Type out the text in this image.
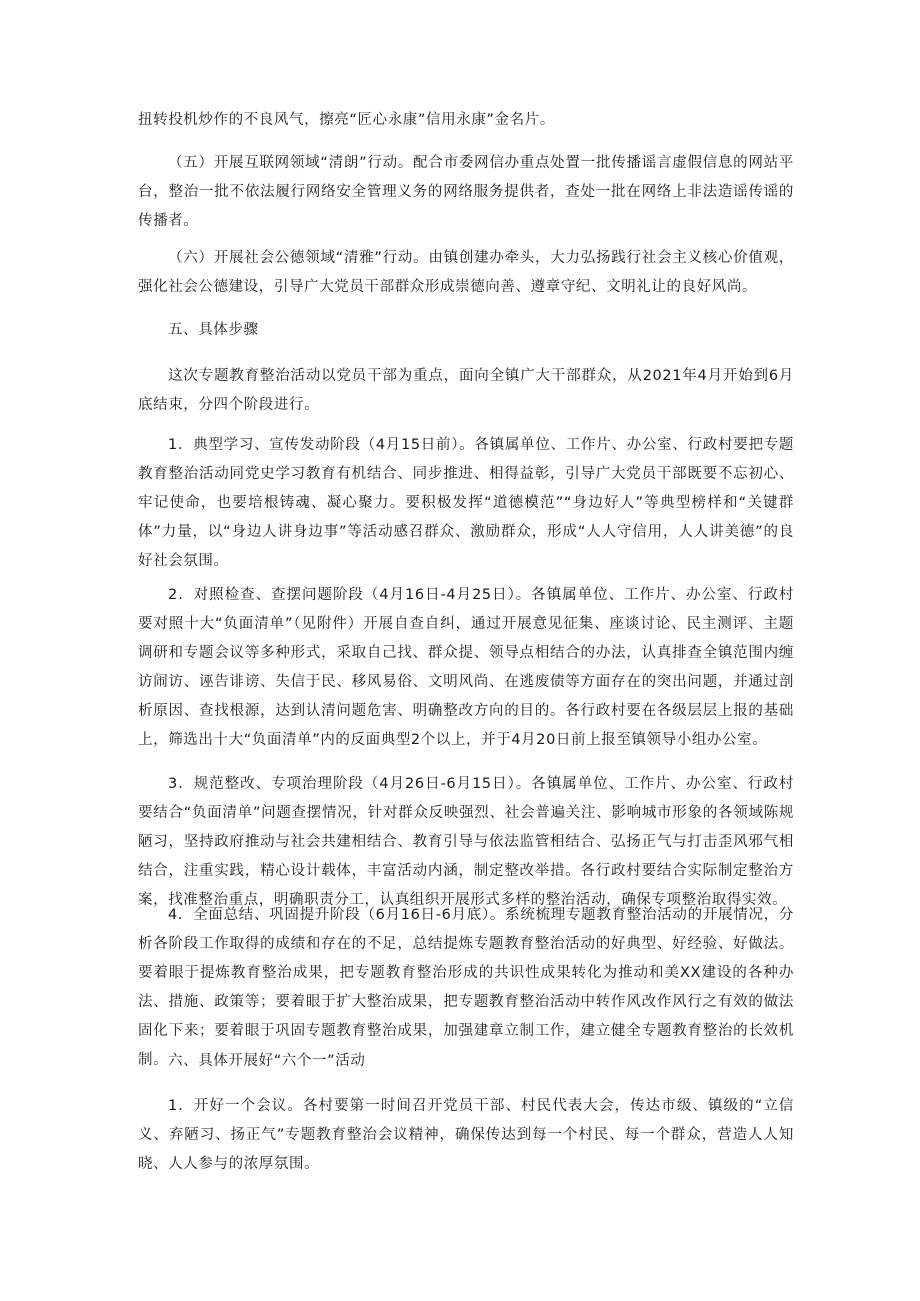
扭转投机炒作的不良风气，擦亮“匠心永康”信用永康”金名片。

（五）开展互联网领域“清朗”行动。配合市委网信办重点处置一批传播谣言虚假信息的网站平台，整治一批不依法履行网络安全管理义务的网络服务提供者，查处一批在网络上非法造谣传谣的传播者。

（六）开展社会公德领域“清雅”行动。由镇创建办牵头，大力弘扬践行社会主义核心价值观，强化社会公德建设，引导广大党员干部群众形成崇德向善、遵章守纪、文明礼让的良好风尚。

五、具体步骤

这次专题教育整治活动以党员干部为重点，面向全镇广大干部群众，从2021年4月开始到6月底结束，分四个阶段进行。

1．典型学习、宣传发动阶段（4月15日前）。各镇属单位、工作片、办公室、行政村要把专题教育整治活动同党史学习教育有机结合、同步推进、相得益彰，引导广大党员干部既要不忘初心、牢记使命，也要培根铸魂、凝心聚力。要积极发挥“道德模范”“身边好人”等典型榜样和“关键群体”力量，以“身边人讲身边事”等活动感召群众、激励群众，形成“人人守信用，人人讲美德”的良好社会氛围。

2．对照检查、查摆问题阶段（4月16日-4月25日）。各镇属单位、工作片、办公室、行政村要对照十大“负面清单”（见附件）开展自查自纠，通过开展意见征集、座谈讨论、民主测评、主题调研和专题会议等多种形式，采取自己找、群众提、领导点相结合的办法，认真排查全镇范围内缠访闹访、诬告诽谤、失信于民、移风易俗、文明风尚、在逃废债等方面存在的突出问题，并通过剖析原因、查找根源，达到认清问题危害、明确整改方向的目的。各行政村要在各级层层上报的基础上，筛选出十大“负面清单”内的反面典型2个以上，并于4月20日前上报至镇领导小组办公室。

3．规范整改、专项治理阶段（4月26日-6月15日）。各镇属单位、工作片、办公室、行政村要结合“负面清单”问题查摆情况，针对群众反映强烈、社会普遍关注、影响城市形象的各领域陈规陋习，坚持政府推动与社会共建相结合、教育引导与依法监管相结合、弘扬正气与打击歪风邪气相结合，注重实践，精心设计载体，丰富活动内涵，制定整改举措。各行政村要结合实际制定整治方案，找准整治重点，明确职责分工，认真组织开展形式多样的整治活动，确保专项整治取得实效。

4．全面总结、巩固提升阶段（6月16日-6月底）。系统梳理专题教育整治活动的开展情况，分析各阶段工作取得的成绩和存在的不足，总结提炼专题教育整治活动的好典型、好经验、好做法。要着眼于提炼教育整治成果，把专题教育整治形成的共识性成果转化为推动和美XX建设的各种办法、措施、政策等；要着眼于扩大整治成果，把专题教育整治活动中转作风改作风行之有效的做法固化下来；要着眼于巩固专题教育整治成果，加强建章立制工作，建立健全专题教育整治的长效机制。 六、具体开展好“六个一”活动

1．开好一个会议。各村要第一时间召开党员干部、村民代表大会，传达市级、镇级的“立信义、弃陋习、扬正气”专题教育整治会议精神，确保传达到每一个村民、每一个群众，营造人人知晓、人人参与的浓厚氛围。
